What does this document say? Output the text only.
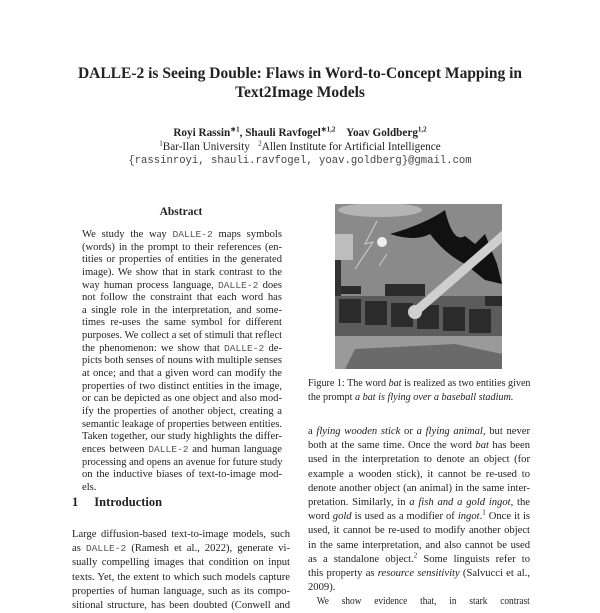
DALLE-2 is Seeing Double: Flaws in Word-to-Concept Mapping in
Text2Image Models
Royi Rassin$^{∗1}$, Shauli Ravfogel$^{∗1,2}$ Yoav Goldberg$^{1,2}$
$^1$Bar-Ilan University $^2$Allen Institute for Artificial Intelligence
{rassinroyi, shauli.ravfogel, yoav.goldberg}@gmail.com
Abstract
We study the way DALLE-2 maps symbols
(words) in the prompt to their references (en-
tities or properties of entities in the generated
image). We show that in stark contrast to the
way human process language, DALLE-2 does
not follow the constraint that each word has
a single role in the interpretation, and some-
times re-uses the same symbol for different
purposes. We collect a set of stimuli that reflect
the phenomenon: we show that DALLE-2 de-
picts both senses of nouns with multiple senses
at once; and that a given word can modify the
properties of two distinct entities in the image,
or can be depicted as one object and also mod-
ify the properties of another object, creating a
semantic leakage of properties between entities.
Taken together, our study highlights the differ-
ences between DALLE-2 and human language
processing and opens an avenue for future study
on the inductive biases of text-to-image mod-
els.
1 Introduction
Large diffusion-based text-to-image models, such
as DALLE-2 (Ramesh et al., 2022), generate vi-
sually compelling images that condition on input
texts. Yet, the extent to which such models capture
properties of human language, such as its compo-
sitional structure, has been doubted (Conwell and
Figure 1: The word bat is realized as two entities given
the prompt a bat is flying over a baseball stadium.
a flying wooden stick or a flying animal, but never
both at the same time. Once the word bat has been
used in the interpretation to denote an object (for
example a wooden stick), it cannot be re-used to
denote another object (an animal) in the same inter-
pretation. Similarly, in a fish and a gold ingot, the
word gold is used as a modifier of ingot.$^1$ Once it is
used, it cannot be re-used to modify another object
in the same interpretation, and also cannot be used
as a standalone object.$^2$ Some linguists refer to
this property as resource sensitivity (Salvucci et al.,
2009).
We show evidence that, in stark contrast
